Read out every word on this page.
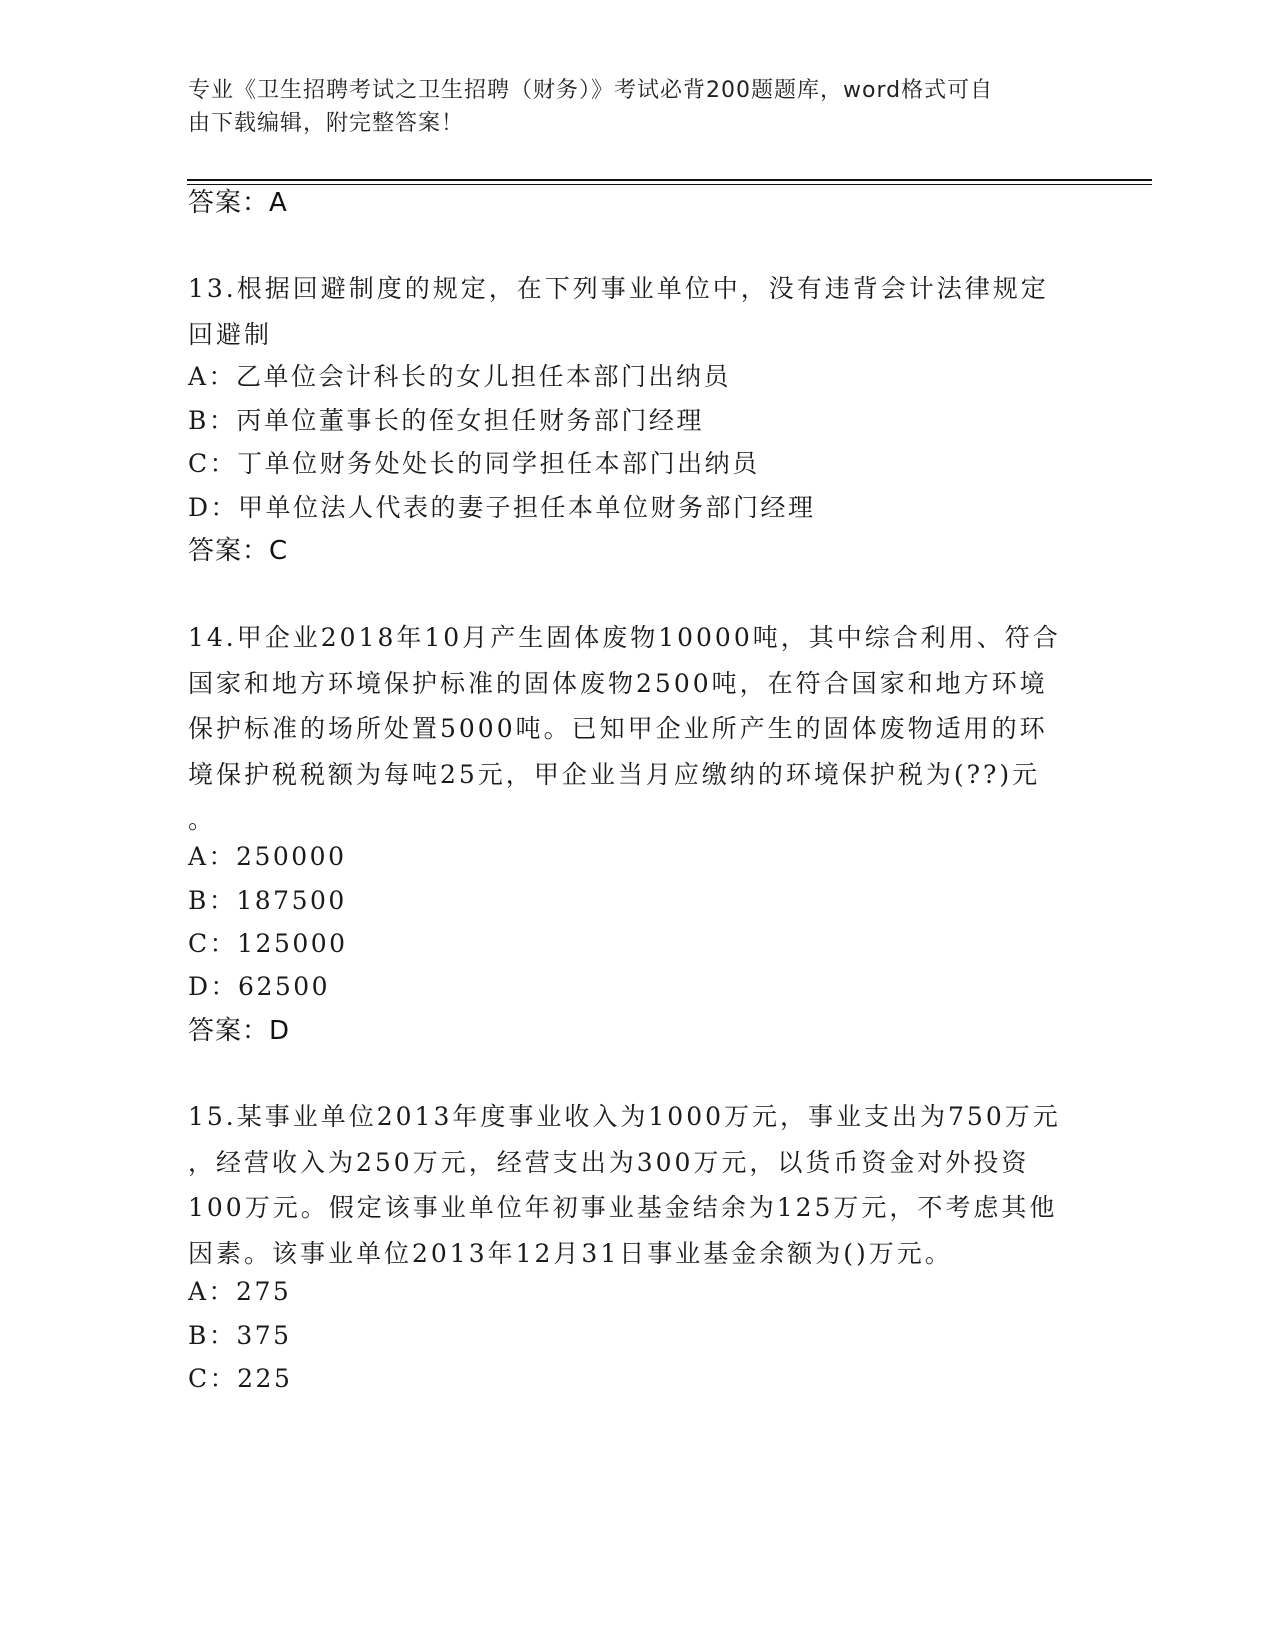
专业《卫生招聘考试之卫生招聘（财务）》考试必背200题题库，word格式可自
由下载编辑，附完整答案！
答案：A
13.根据回避制度的规定，在下列事业单位中，没有违背会计法律规定
回避制
A：乙单位会计科长的女儿担任本部门出纳员
B：丙单位董事长的侄女担任财务部门经理
C：丁单位财务处处长的同学担任本部门出纳员
D：甲单位法人代表的妻子担任本单位财务部门经理
答案：C
14.甲企业2018年10月产生固体废物10000吨，其中综合利用、符合
国家和地方环境保护标准的固体废物2500吨，在符合国家和地方环境
保护标准的场所处置5000吨。已知甲企业所产生的固体废物适用的环
境保护税税额为每吨25元，甲企业当月应缴纳的环境保护税为(??)元
。
A：250000
B：187500
C：125000
D：62500
答案：D
15.某事业单位2013年度事业收入为1000万元，事业支出为750万元
，经营收入为250万元，经营支出为300万元，以货币资金对外投资
100万元。假定该事业单位年初事业基金结余为125万元，不考虑其他
因素。该事业单位2013年12月31日事业基金余额为()万元。
A：275
B：375
C：225
